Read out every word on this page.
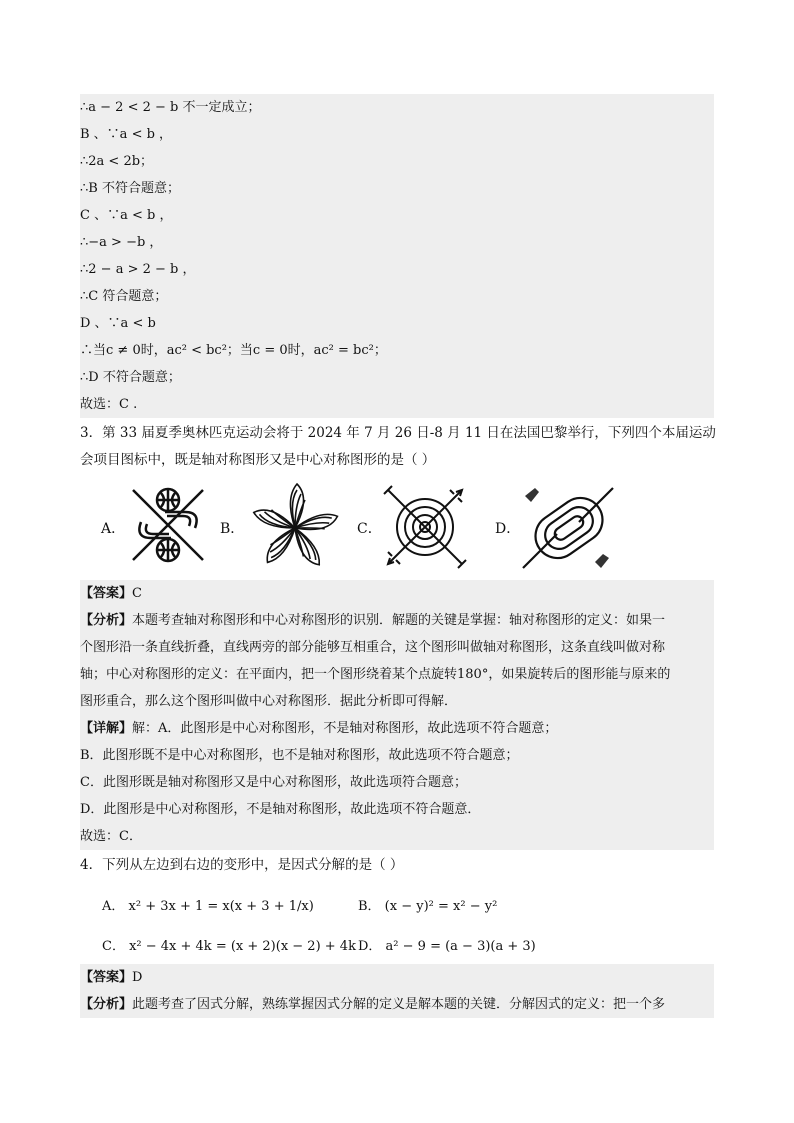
∴a − 2 < 2 − b 不一定成立；
B 、∵a < b ，
∴2a < 2b；
∴B 不符合题意；
C 、∵a < b ，
∴−a > −b ，
∴2 − a > 2 − b ，
∴C 符合题意；
D 、∵a < b
∴当c ≠ 0时，ac² < bc²；当c = 0时，ac² = bc²；
∴D 不符合题意；
故选：C .
3．第 33 届夏季奥林匹克运动会将于 2024 年 7 月 26 日-8 月 11 日在法国巴黎举行，下列四个本届运动
会项目图标中，既是轴对称图形又是中心对称图形的是（ ）
A．	B．	C．	D．
【答案】C
【分析】本题考查轴对称图形和中心对称图形的识别．解题的关键是掌握：轴对称图形的定义：如果一
个图形沿一条直线折叠，直线两旁的部分能够互相重合，这个图形叫做轴对称图形，这条直线叫做对称
轴；中心对称图形的定义：在平面内，把一个图形绕着某个点旋转180°，如果旋转后的图形能与原来的
图形重合，那么这个图形叫做中心对称图形．据此分析即可得解．
【详解】解：A．此图形是中心对称图形，不是轴对称图形，故此选项不符合题意；
B．此图形既不是中心对称图形，也不是轴对称图形，故此选项不符合题意；
C．此图形既是轴对称图形又是中心对称图形，故此选项符合题意；
D．此图形是中心对称图形，不是轴对称图形，故此选项不符合题意．
故选：C．
4．下列从左边到右边的变形中，是因式分解的是（ ）
A． x² + 3x + 1 = x(x + 3 + 1/x)	B． (x − y)² = x² − y²
C． x² − 4x + 4k = (x + 2)(x − 2) + 4k D． a² − 9 = (a − 3)(a + 3)
【答案】D
【分析】此题考查了因式分解，熟练掌握因式分解的定义是解本题的关键．分解因式的定义：把一个多
